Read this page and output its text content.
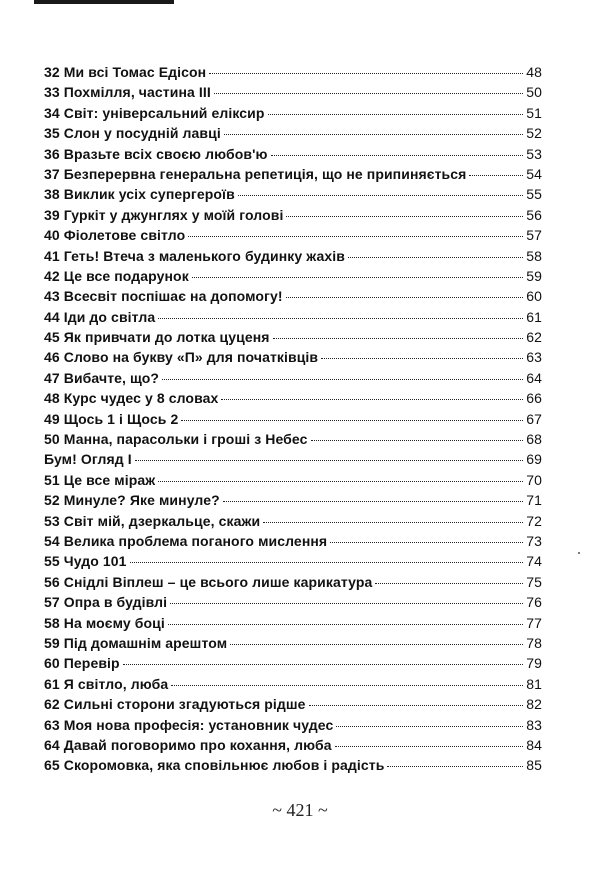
32 Ми всі Томас Едісон	48
33 Похмілля, частина ІІІ	50
34 Світ: універсальний еліксир	51
35 Слон у посудній лавці	52
36 Вразьте всіх своєю любов'ю	53
37 Безперервна генеральна репетиція, що не припиняється	54
38 Виклик усіх супергероїв	55
39 Гуркіт у джунглях у моїй голові	56
40 Фіолетове світло	57
41 Геть! Втеча з маленького будинку жахів	58
42 Це все подарунок	59
43 Всесвіт поспішає на допомогу!	60
44 Іди до світла	61
45 Як привчати до лотка цуценя	62
46 Слово на букву «П» для початківців	63
47 Вибачте, що?	64
48 Курс чудес у 8 словах	66
49 Щось 1 і Щось 2	67
50 Манна, парасольки і гроші з Небес	68
Бум! Огляд І	69
51 Це все міраж	70
52 Минуле? Яке минуле?	71
53 Світ мій, дзеркальце, скажи	72
54 Велика проблема поганого мислення	73
55 Чудо 101	74
56 Снідлі Віплеш – це всього лише карикатура	75
57 Опра в будівлі	76
58 На моєму боці	77
59 Під домашнім арештом	78
60 Перевір	79
61 Я світло, люба	81
62 Сильні сторони згадуються рідше	82
63 Моя нова професія: установник чудес	83
64 Давай поговоримо про кохання, люба	84
65 Скоромовка, яка сповільнює любов і радість	85
~ 421 ~
